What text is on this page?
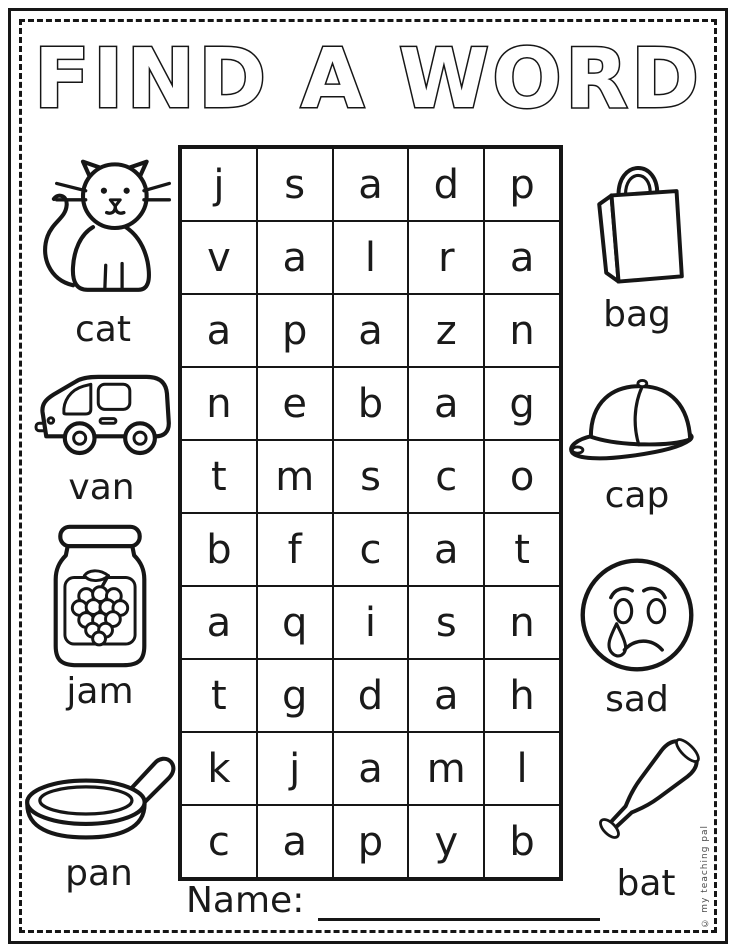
FIND A WORD
j	s	a	d	p
v	a	l	r	a
a	p	a	z	n
n	e	b	a	g
t	m	s	c	o
b	f	c	a	t
a	q	i	s	n
t	g	d	a	h
k	j	a	m	l
c	a	p	y	b
cat
van
jam
pan
bag
cap
sad
bat
Name:	© my teaching pal
